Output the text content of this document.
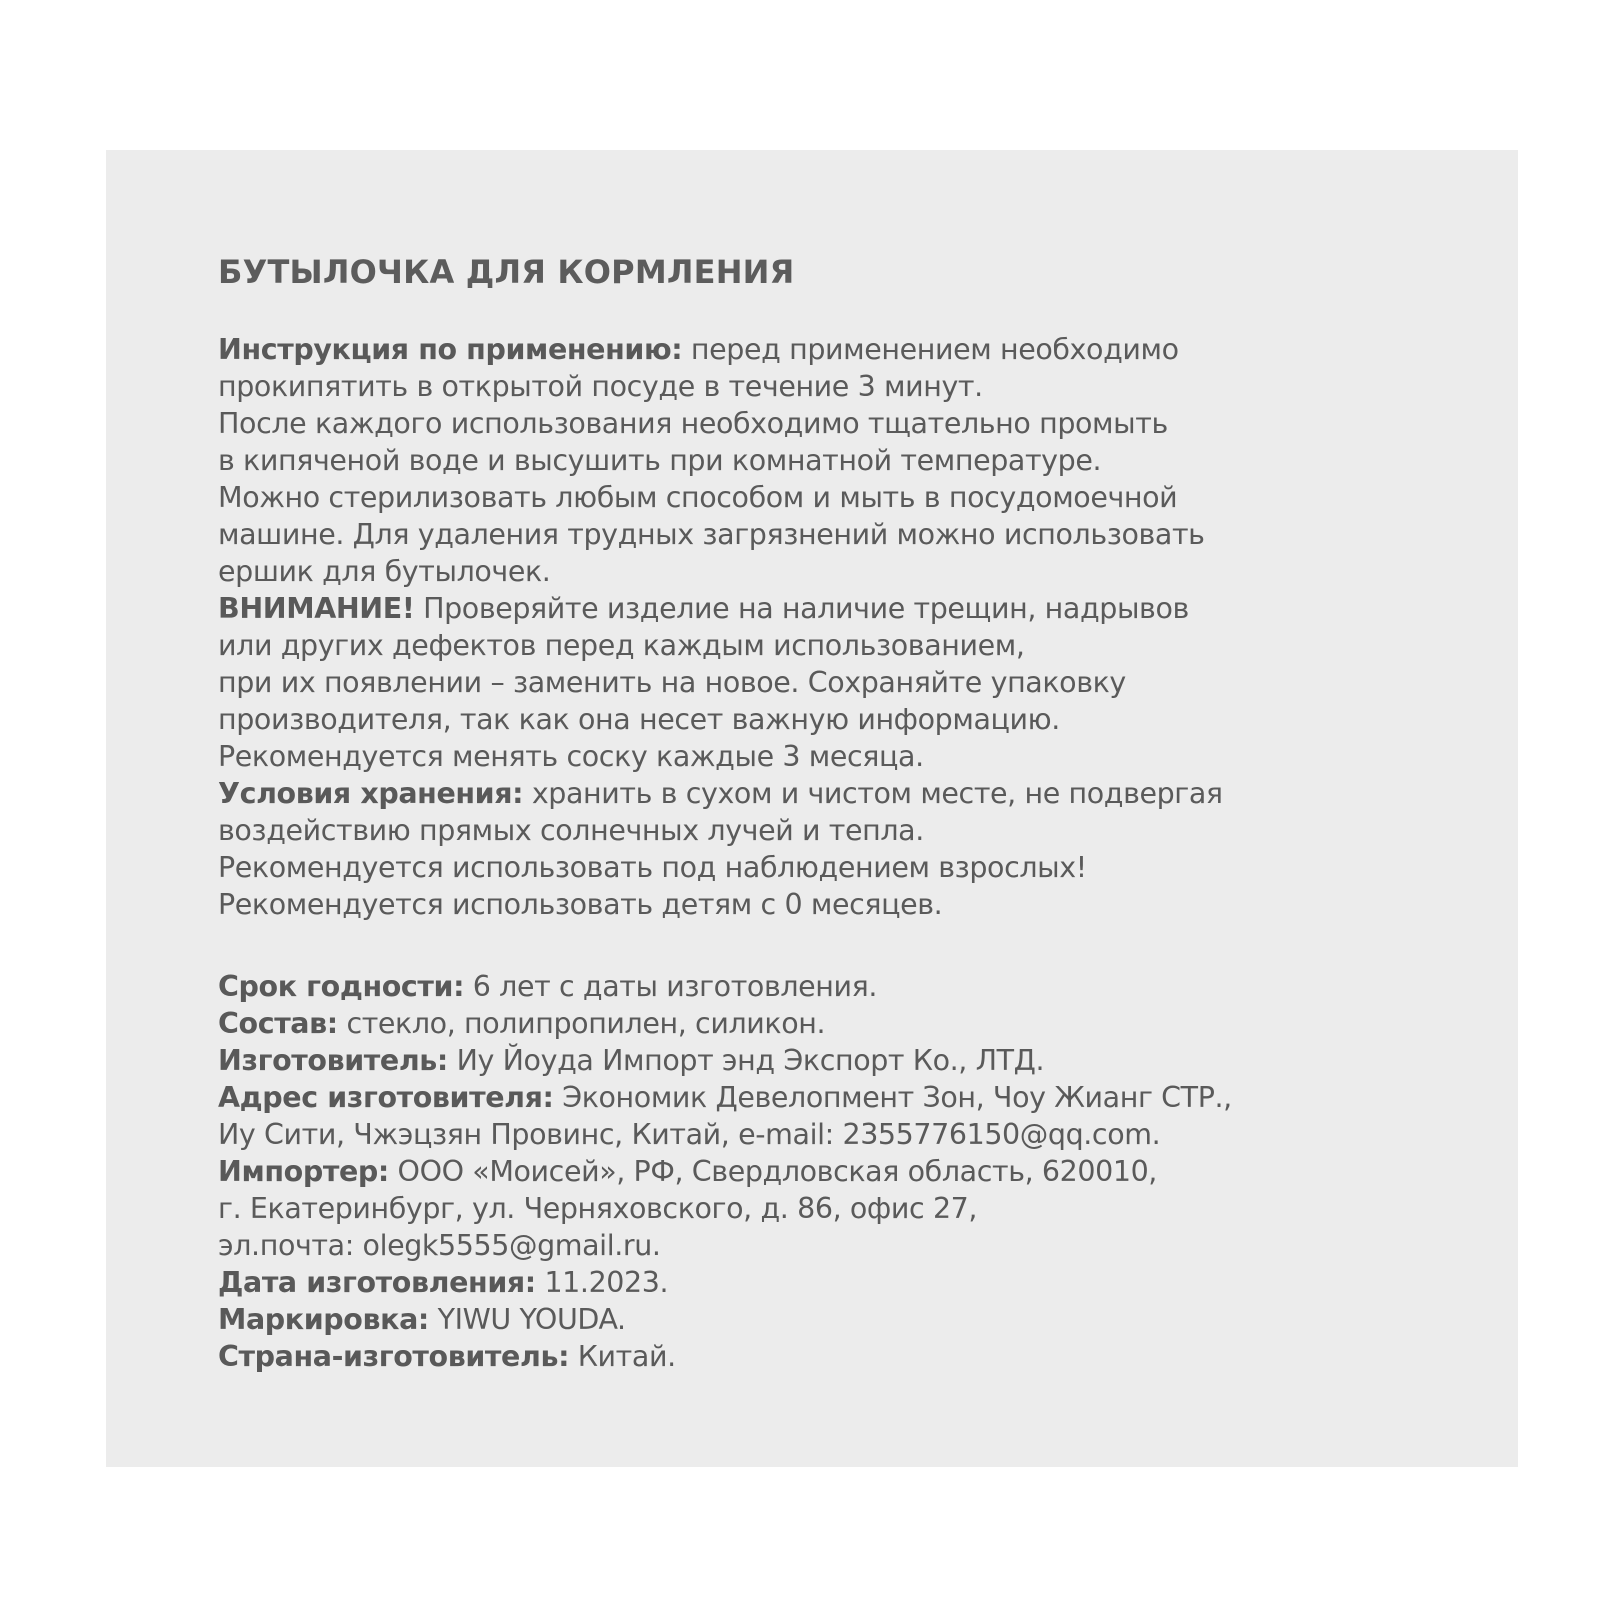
БУТЫЛОЧКА ДЛЯ КОРМЛЕНИЯ
Инструкция по применению: перед применением необходимо
прокипятить в открытой посуде в течение 3 минут.
После каждого использования необходимо тщательно промыть
в кипяченой воде и высушить при комнатной температуре.
Можно стерилизовать любым способом и мыть в посудомоечной
машине. Для удаления трудных загрязнений можно использовать
ершик для бутылочек.
ВНИМАНИЕ! Проверяйте изделие на наличие трещин, надрывов
или других дефектов перед каждым использованием,
при их появлении – заменить на новое. Сохраняйте упаковку
производителя, так как она несет важную информацию.
Рекомендуется менять соску каждые 3 месяца.
Условия хранения: хранить в сухом и чистом месте, не подвергая
воздействию прямых солнечных лучей и тепла.
Рекомендуется использовать под наблюдением взрослых!
Рекомендуется использовать детям с 0 месяцев.
Срок годности: 6 лет с даты изготовления.
Состав: стекло, полипропилен, силикон.
Изготовитель: Иу Йоуда Импорт энд Экспорт Ко., ЛТД.
Адрес изготовителя: Экономик Девелопмент Зон, Чоу Жианг СТР.,
Иу Сити, Чжэцзян Провинс, Китай, e-mail: 2355776150@qq.com.
Импортер: ООО «Моисей», РФ, Свердловская область, 620010,
г. Екатеринбург, ул. Черняховского, д. 86, офис 27,
эл.почта: olegk5555@gmail.ru.
Дата изготовления: 11.2023.
Маркировка: YIWU YOUDA.
Страна-изготовитель: Китай.
